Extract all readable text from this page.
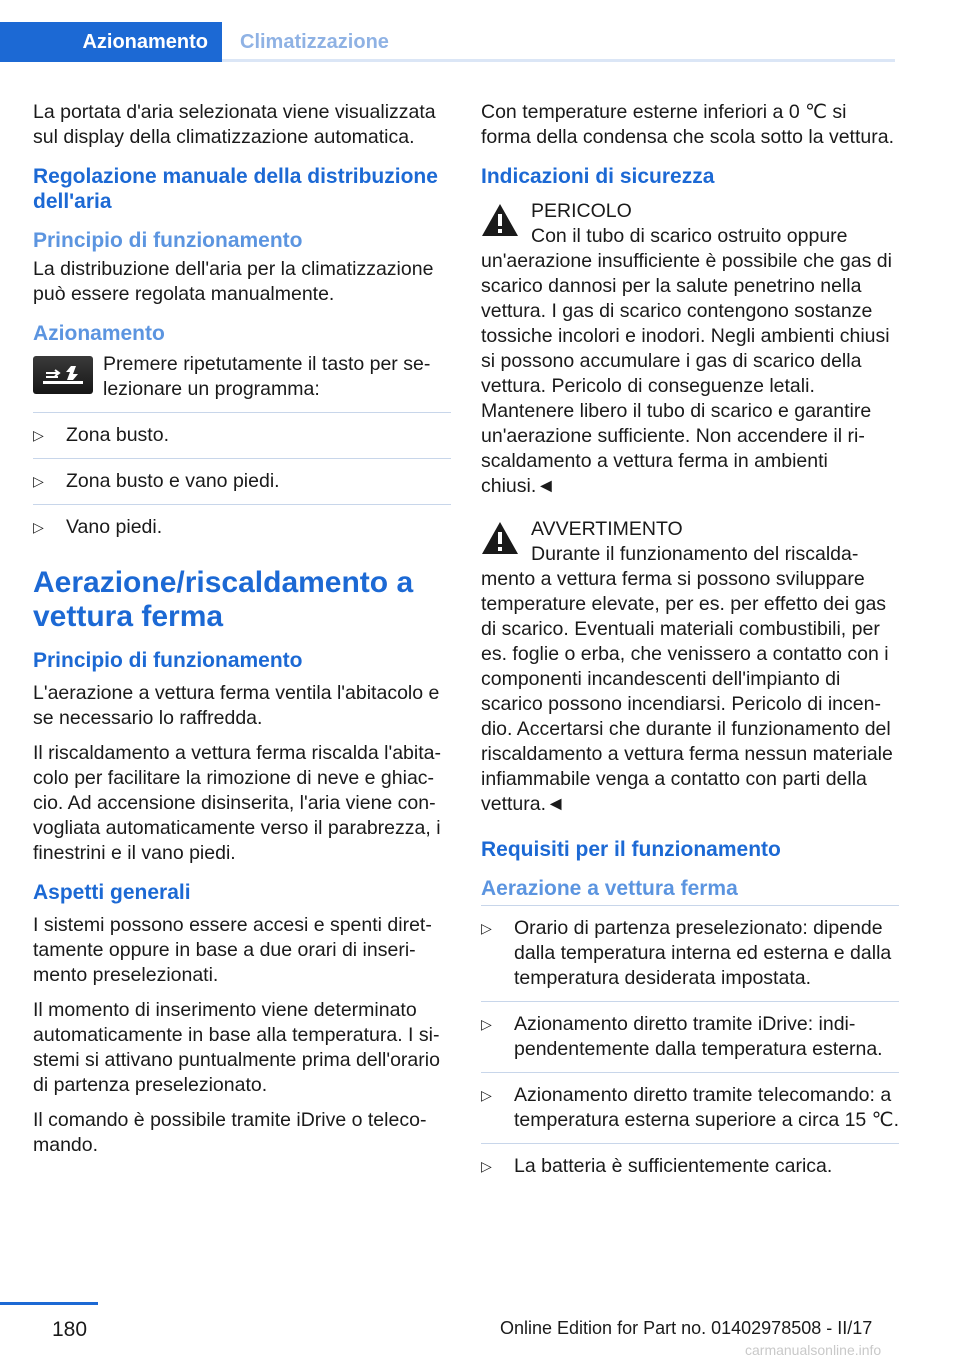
Azionamento	Climatizzazione

La portata d'aria selezionata viene visualizzata sul display della climatizzazione automatica.

Regolazione manuale della distribuzione dell'aria
Principio di funzionamento

La distribuzione dell'aria per la climatizzazione può essere regolata manualmente.

Azionamento
Premere ripetutamente il tasto per selezionare un programma:
▷ Zona busto.
▷ Zona busto e vano piedi.
▷ Vano piedi.
Aerazione/riscaldamento a vettura ferma
Principio di funzionamento

L'aerazione a vettura ferma ventila l'abitacolo e se necessario lo raffredda.

Il riscaldamento a vettura ferma riscalda l'abitacolo per facilitare la rimozione di neve e ghiaccio. Ad accensione disinserita, l'aria viene convogliata automaticamente verso il parabrezza, i finestrini e il vano piedi.

Aspetti generali

I sistemi possono essere accesi e spenti direttamente oppure in base a due orari di inserimento preselezionati.

Il momento di inserimento viene determinato automaticamente in base alla temperatura. I sistemi si attivano puntualmente prima dell'orario di partenza preselezionato.

Il comando è possibile tramite iDrive o telecomando.

Con temperature esterne inferiori a 0 ℃ si forma della condensa che scola sotto la vettura.

Indicazioni di sicurezza
PERICOLO
Con il tubo di scarico ostruito oppure un'aerazione insufficiente è possibile che gas di scarico dannosi per la salute penetrino nella vettura. I gas di scarico contengono sostanze tossiche incolori e inodori. Negli ambienti chiusi si possono accumulare i gas di scarico della vettura. Pericolo di conseguenze letali. Mantenere libero il tubo di scarico e garantire un'aerazione sufficiente. Non accendere il riscaldamento a vettura ferma in ambienti chiusi.◄
AVVERTIMENTO
Durante il funzionamento del riscaldamento a vettura ferma si possono sviluppare temperature elevate, per es. per effetto dei gas di scarico. Eventuali materiali combustibili, per es. foglie o erba, che venissero a contatto con i componenti incandescenti dell'impianto di scarico possono incendiarsi. Pericolo di incendio. Accertarsi che durante il funzionamento del riscaldamento a vettura ferma nessun materiale infiammabile venga a contatto con parti della vettura.◄
Requisiti per il funzionamento
Aerazione a vettura ferma
▷ Orario di partenza preselezionato: dipende dalla temperatura interna ed esterna e dalla temperatura desiderata impostata.
▷ Azionamento diretto tramite iDrive: indipendentemente dalla temperatura esterna.
▷ Azionamento diretto tramite telecomando: a temperatura esterna superiore a circa 15 ℃.
▷ La batteria è sufficientemente carica.
180	Online Edition for Part no. 01402978508 - II/17
carmanualsonline.info
